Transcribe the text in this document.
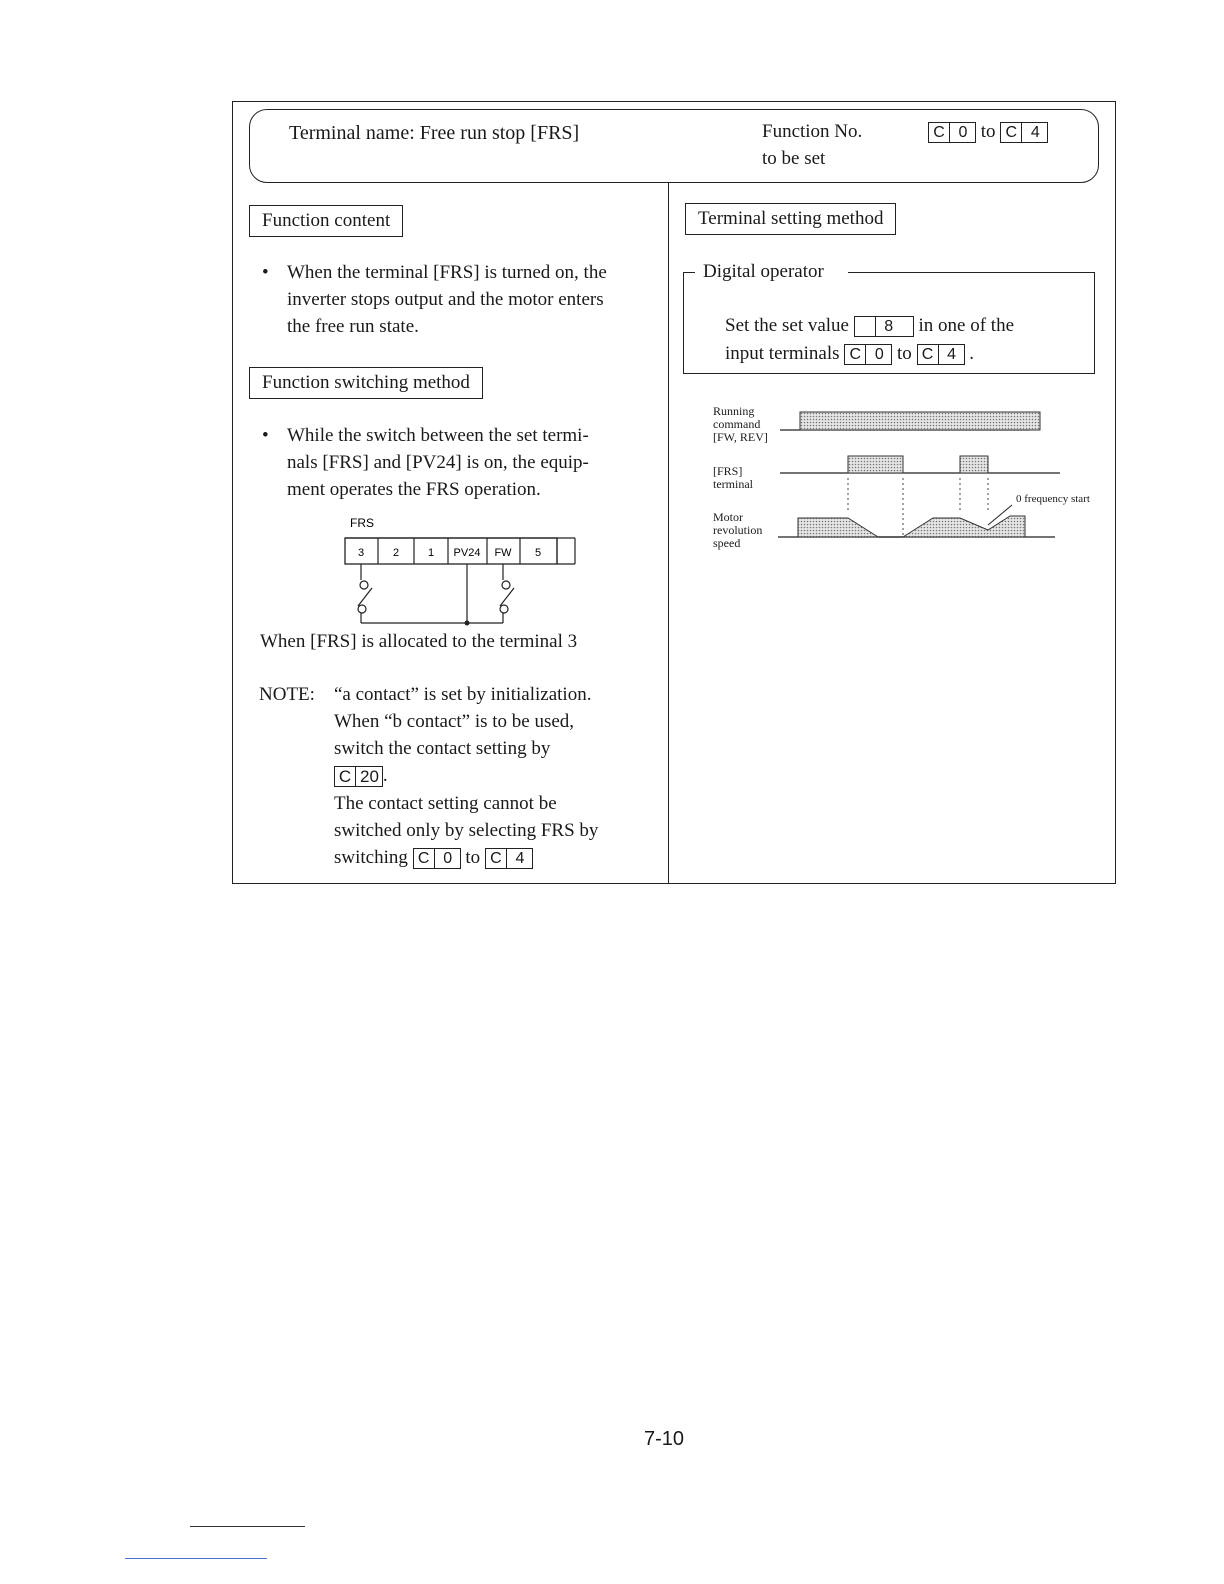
Terminal name: Free run stop [FRS]	Function No.
to be set
C 0 to C 4
Function content
• When the terminal [FRS] is turned on, the
inverter stops output and the motor enters
the free run state.
Function switching method
• While the switch between the set termi-
nals [FRS] and [PV24] is on, the equip-
ment operates the FRS operation.
FRS
3	2	1 PV24 FW 5
When [FRS] is allocated to the terminal 3
NOTE: “a contact” is set by initialization.
When “b contact” is to be used,
switch the contact setting by
C 20 .
The contact setting cannot be
switched only by selecting FRS by
switching C 0 to C 4
Terminal setting method
Digital operator
Set the set value 8 in one of the
input terminals C 0 to C 4 .
Running
command
[FW, REV]
[FRS]
terminal
Motor
revolution
speed
0 frequency start
7-10
